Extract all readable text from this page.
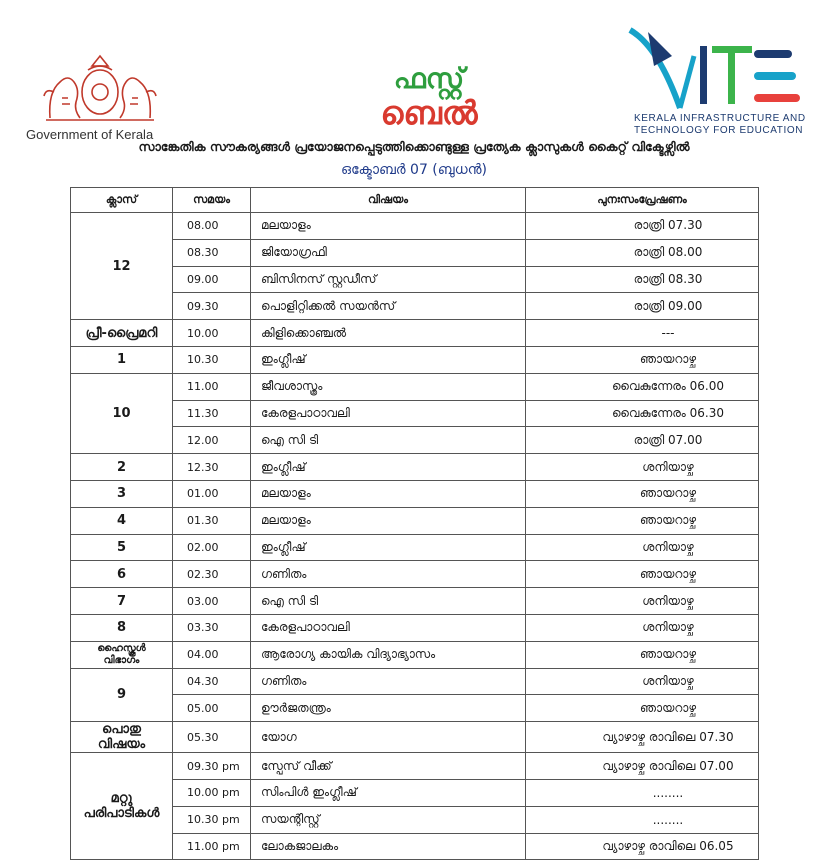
Government of Kerala
ഫസ്റ്റ്
ബെൽ	KERALA INFRASTRUCTURE AND
TECHNOLOGY FOR EDUCATION
സാങ്കേതിക സൗകര്യങ്ങൾ പ്രയോജനപ്പെടുത്തിക്കൊണ്ടുള്ള പ്രത്യേക ക്ലാസുകൾ കൈറ്റ് വിക്ടേഴ്സിൽ
ഒക്ടോബർ 07 (ബുധൻ)
ക്ലാസ്	സമയം	വിഷയം	പുനഃസംപ്രേഷണം
12	08.00	മലയാളം	രാത്രി 07.30
	08.30	ജിയോഗ്രഫി	രാത്രി 08.00
	09.00	ബിസിനസ് സ്റ്റഡീസ്	രാത്രി 08.30
	09.30	പൊളിറ്റിക്കൽ സയൻസ്	രാത്രി 09.00
പ്രീ-പ്രൈമറി	10.00	കിളിക്കൊഞ്ചൽ	---
1	10.30	ഇംഗ്ലീഷ്	ഞായറാഴ്ച
10	11.00	ജീവശാസ്ത്രം	വൈകുന്നേരം 06.00
	11.30	കേരളപാഠാവലി	വൈകുന്നേരം 06.30
	12.00	ഐ സി ടി	രാത്രി 07.00
2	12.30	ഇംഗ്ലീഷ്	ശനിയാഴ്ച
3	01.00	മലയാളം	ഞായറാഴ്ച
4	01.30	മലയാളം	ഞായറാഴ്ച
5	02.00	ഇംഗ്ലീഷ്	ശനിയാഴ്ച
6	02.30	ഗണിതം	ഞായറാഴ്ച
7	03.00	ഐ സി ടി	ശനിയാഴ്ച
8	03.30	കേരളപാഠാവലി	ശനിയാഴ്ച
ഹൈസ്കൂൾ വിഭാഗം	04.00	ആരോഗ്യ കായിക വിദ്യാഭ്യാസം	ഞായറാഴ്ച
9	04.30	ഗണിതം	ശനിയാഴ്ച
	05.00	ഊർജതന്ത്രം	ഞായറാഴ്ച
പൊതു വിഷയം	05.30	യോഗ	വ്യാഴാഴ്ച രാവിലെ 07.30
മറ്റു പരിപാടികൾ	09.30 pm	സ്പേസ് വീക്ക്	വ്യാഴാഴ്ച രാവിലെ 07.00
	10.00 pm	സിംപിൾ ഇംഗ്ലീഷ്	........
	10.30 pm	സയന്റിസ്റ്റ്	........
	11.00 pm	ലോകജാലകം	വ്യാഴാഴ്ച രാവിലെ 06.05
